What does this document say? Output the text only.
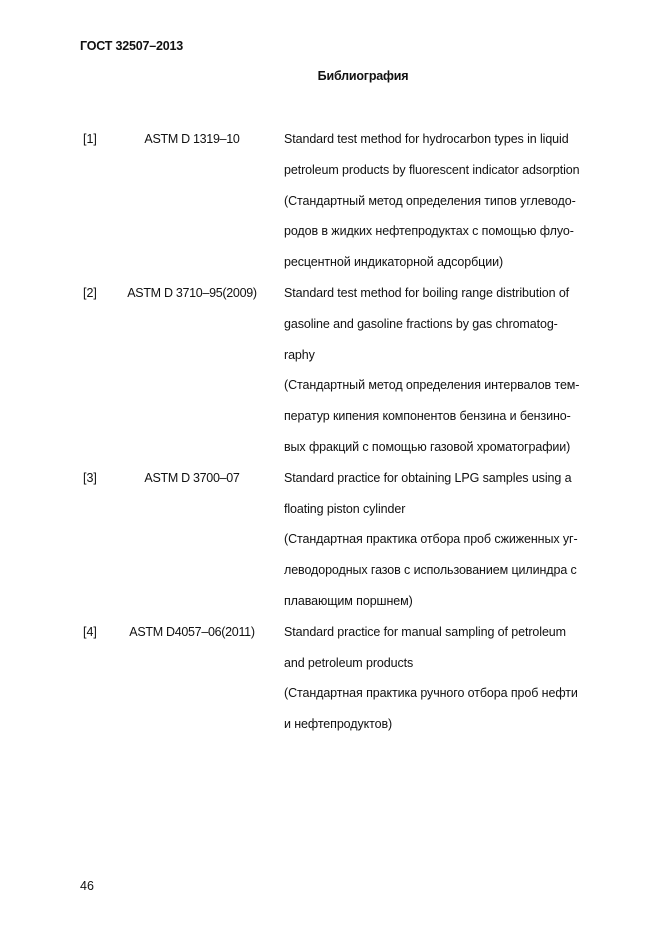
ГОСТ 32507–2013
Библиография
[1]	ASTM D 1319–10	Standard test method for hydrocarbon types in liquid
petroleum products by fluorescent indicator adsorption
(Стандартный метод определения типов углеводо-
родов в жидких нефтепродуктах с помощью флуо-
ресцентной индикаторной адсорбции)
[2]	ASTM D 3710–95(2009)	Standard test method for boiling range distribution of
gasoline and gasoline fractions by gas chromatog-
raphy
(Стандартный метод определения интервалов тем-
ператур кипения компонентов бензина и бензино-
вых фракций с помощью газовой хроматографии)
[3]	ASTM D 3700–07	Standard practice for obtaining LPG samples using a
floating piston cylinder
(Стандартная практика отбора проб сжиженных уг-
леводородных газов с использованием цилиндра с
плавающим поршнем)
[4]	ASTM D4057–06(2011)	Standard practice for manual sampling of petroleum
and petroleum products
(Стандартная практика ручного отбора проб нефти
и нефтепродуктов)
46
